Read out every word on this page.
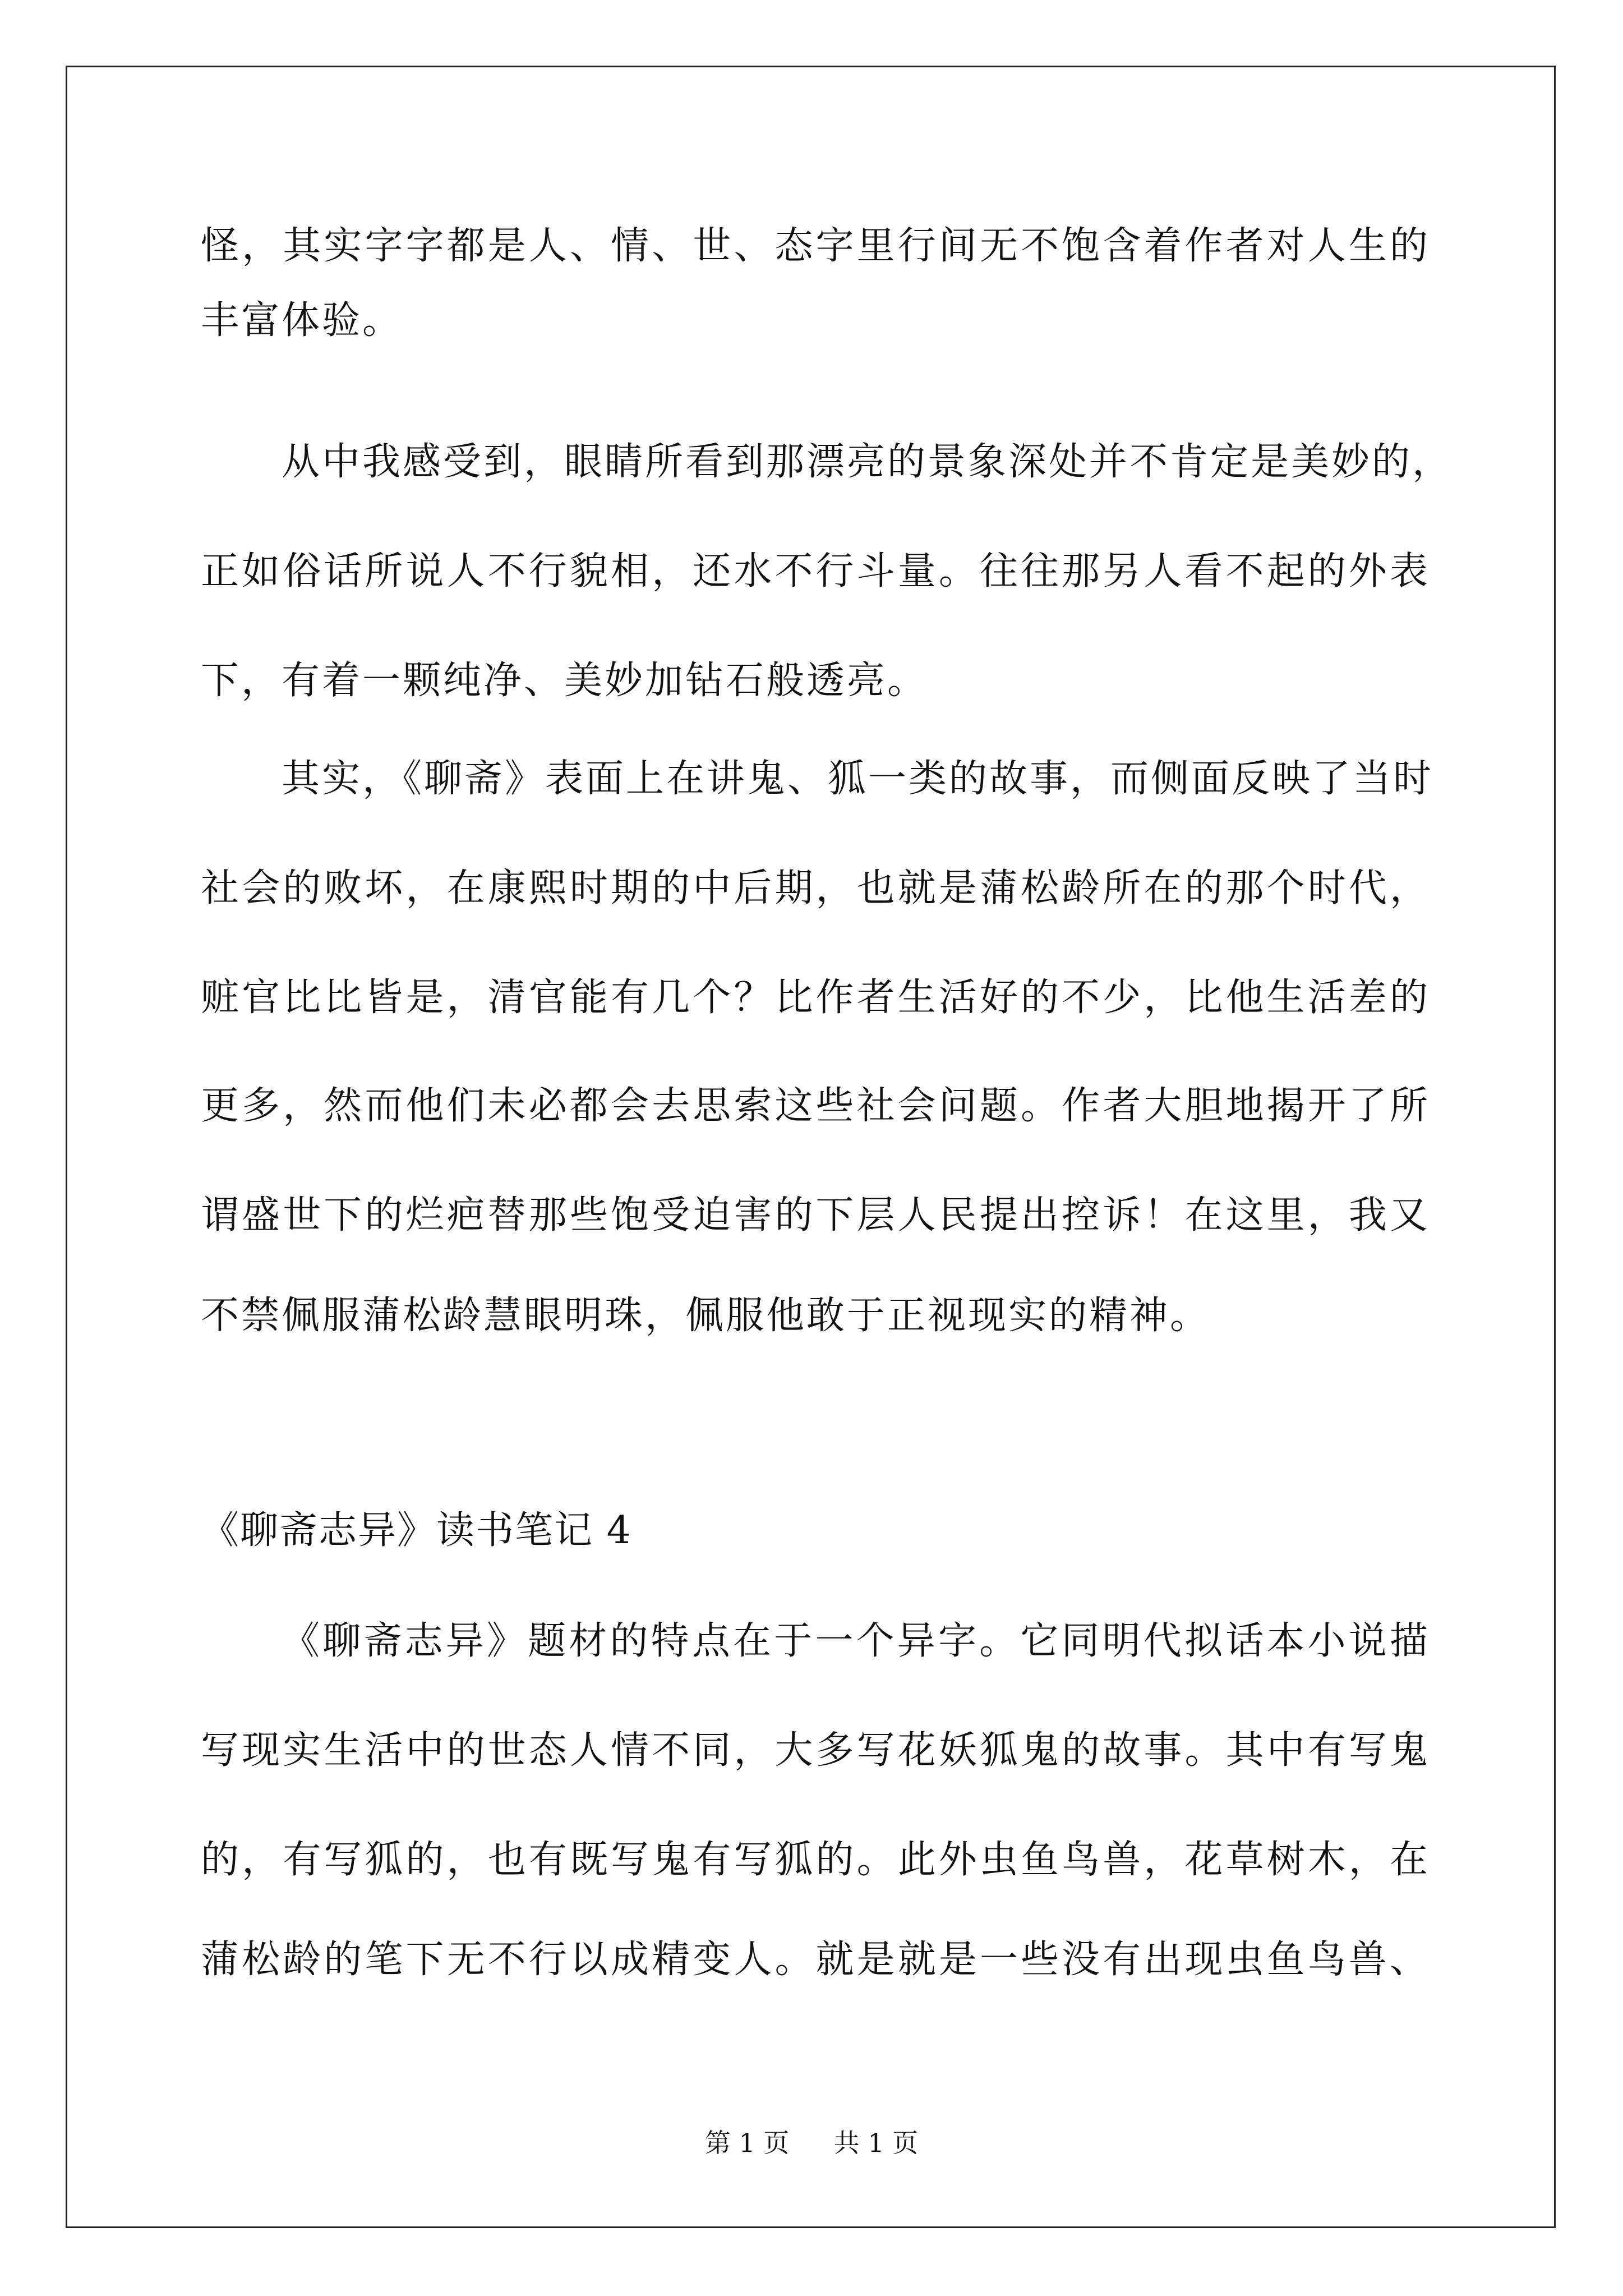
怪，其实字字都是人、情、世、态字里行间无不饱含着作者对人生的
丰富体验。
从中我感受到，眼睛所看到那漂亮的景象深处并不肯定是美妙的，
正如俗话所说人不行貌相，还水不行斗量。往往那另人看不起的外表
下，有着一颗纯净、美妙加钻石般透亮。
其实，《聊斋》表面上在讲鬼、狐一类的故事，而侧面反映了当时
社会的败坏，在康熙时期的中后期，也就是蒲松龄所在的那个时代，
赃官比比皆是，清官能有几个？比作者生活好的不少，比他生活差的
更多，然而他们未必都会去思索这些社会问题。作者大胆地揭开了所
谓盛世下的烂疤替那些饱受迫害的下层人民提出控诉！在这里，我又
不禁佩服蒲松龄慧眼明珠，佩服他敢于正视现实的精神。
《聊斋志异》读书笔记 4
《聊斋志异》题材的特点在于一个异字。它同明代拟话本小说描
写现实生活中的世态人情不同，大多写花妖狐鬼的故事。其中有写鬼
的，有写狐的，也有既写鬼有写狐的。此外虫鱼鸟兽，花草树木，在
蒲松龄的笔下无不行以成精变人。就是就是一些没有出现虫鱼鸟兽、
第 1 页 共 1 页
